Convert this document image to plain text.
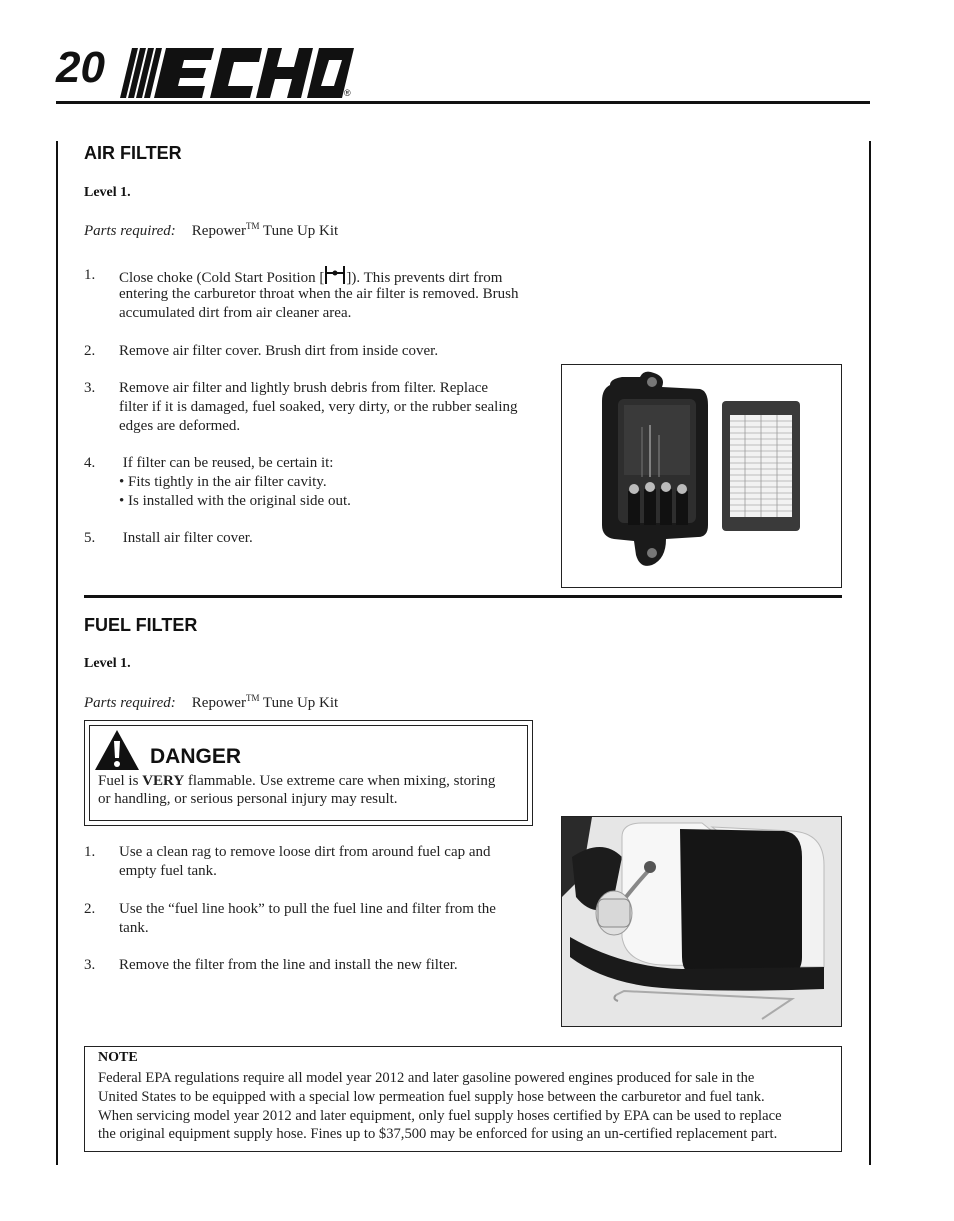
20
®
AIR FILTER
Level 1.
Parts required: Repower™ Tune Up Kit
1. Close choke (Cold Start Position [ ]). This prevents dirt from
entering the carburetor throat when the air filter is removed. Brush
accumulated dirt from air cleaner area.
2. Remove air filter cover. Brush dirt from inside cover.
3. Remove air filter and lightly brush debris from filter. Replace
filter if it is damaged, fuel soaked, very dirty, or the rubber sealing
edges are deformed.
4. If filter can be reused, be certain it:
• Fits tightly in the air filter cavity.
• Is installed with the original side out.
5. Install air filter cover.
FUEL FILTER
Level 1.
Parts required: Repower™ Tune Up Kit
DANGER
Fuel is VERY flammable. Use extreme care when mixing, storing
or handling, or serious personal injury may result.
1. Use a clean rag to remove loose dirt from around fuel cap and
empty fuel tank.
2. Use the “fuel line hook” to pull the fuel line and filter from the
tank.
3. Remove the filter from the line and install the new filter.
NOTE
Federal EPA regulations require all model year 2012 and later gasoline powered engines produced for sale in the
United States to be equipped with a special low permeation fuel supply hose between the carburetor and fuel tank.
When servicing model year 2012 and later equipment, only fuel supply hoses certified by EPA can be used to replace
the original equipment supply hose. Fines up to $37,500 may be enforced for using an un-certified replacement part.
